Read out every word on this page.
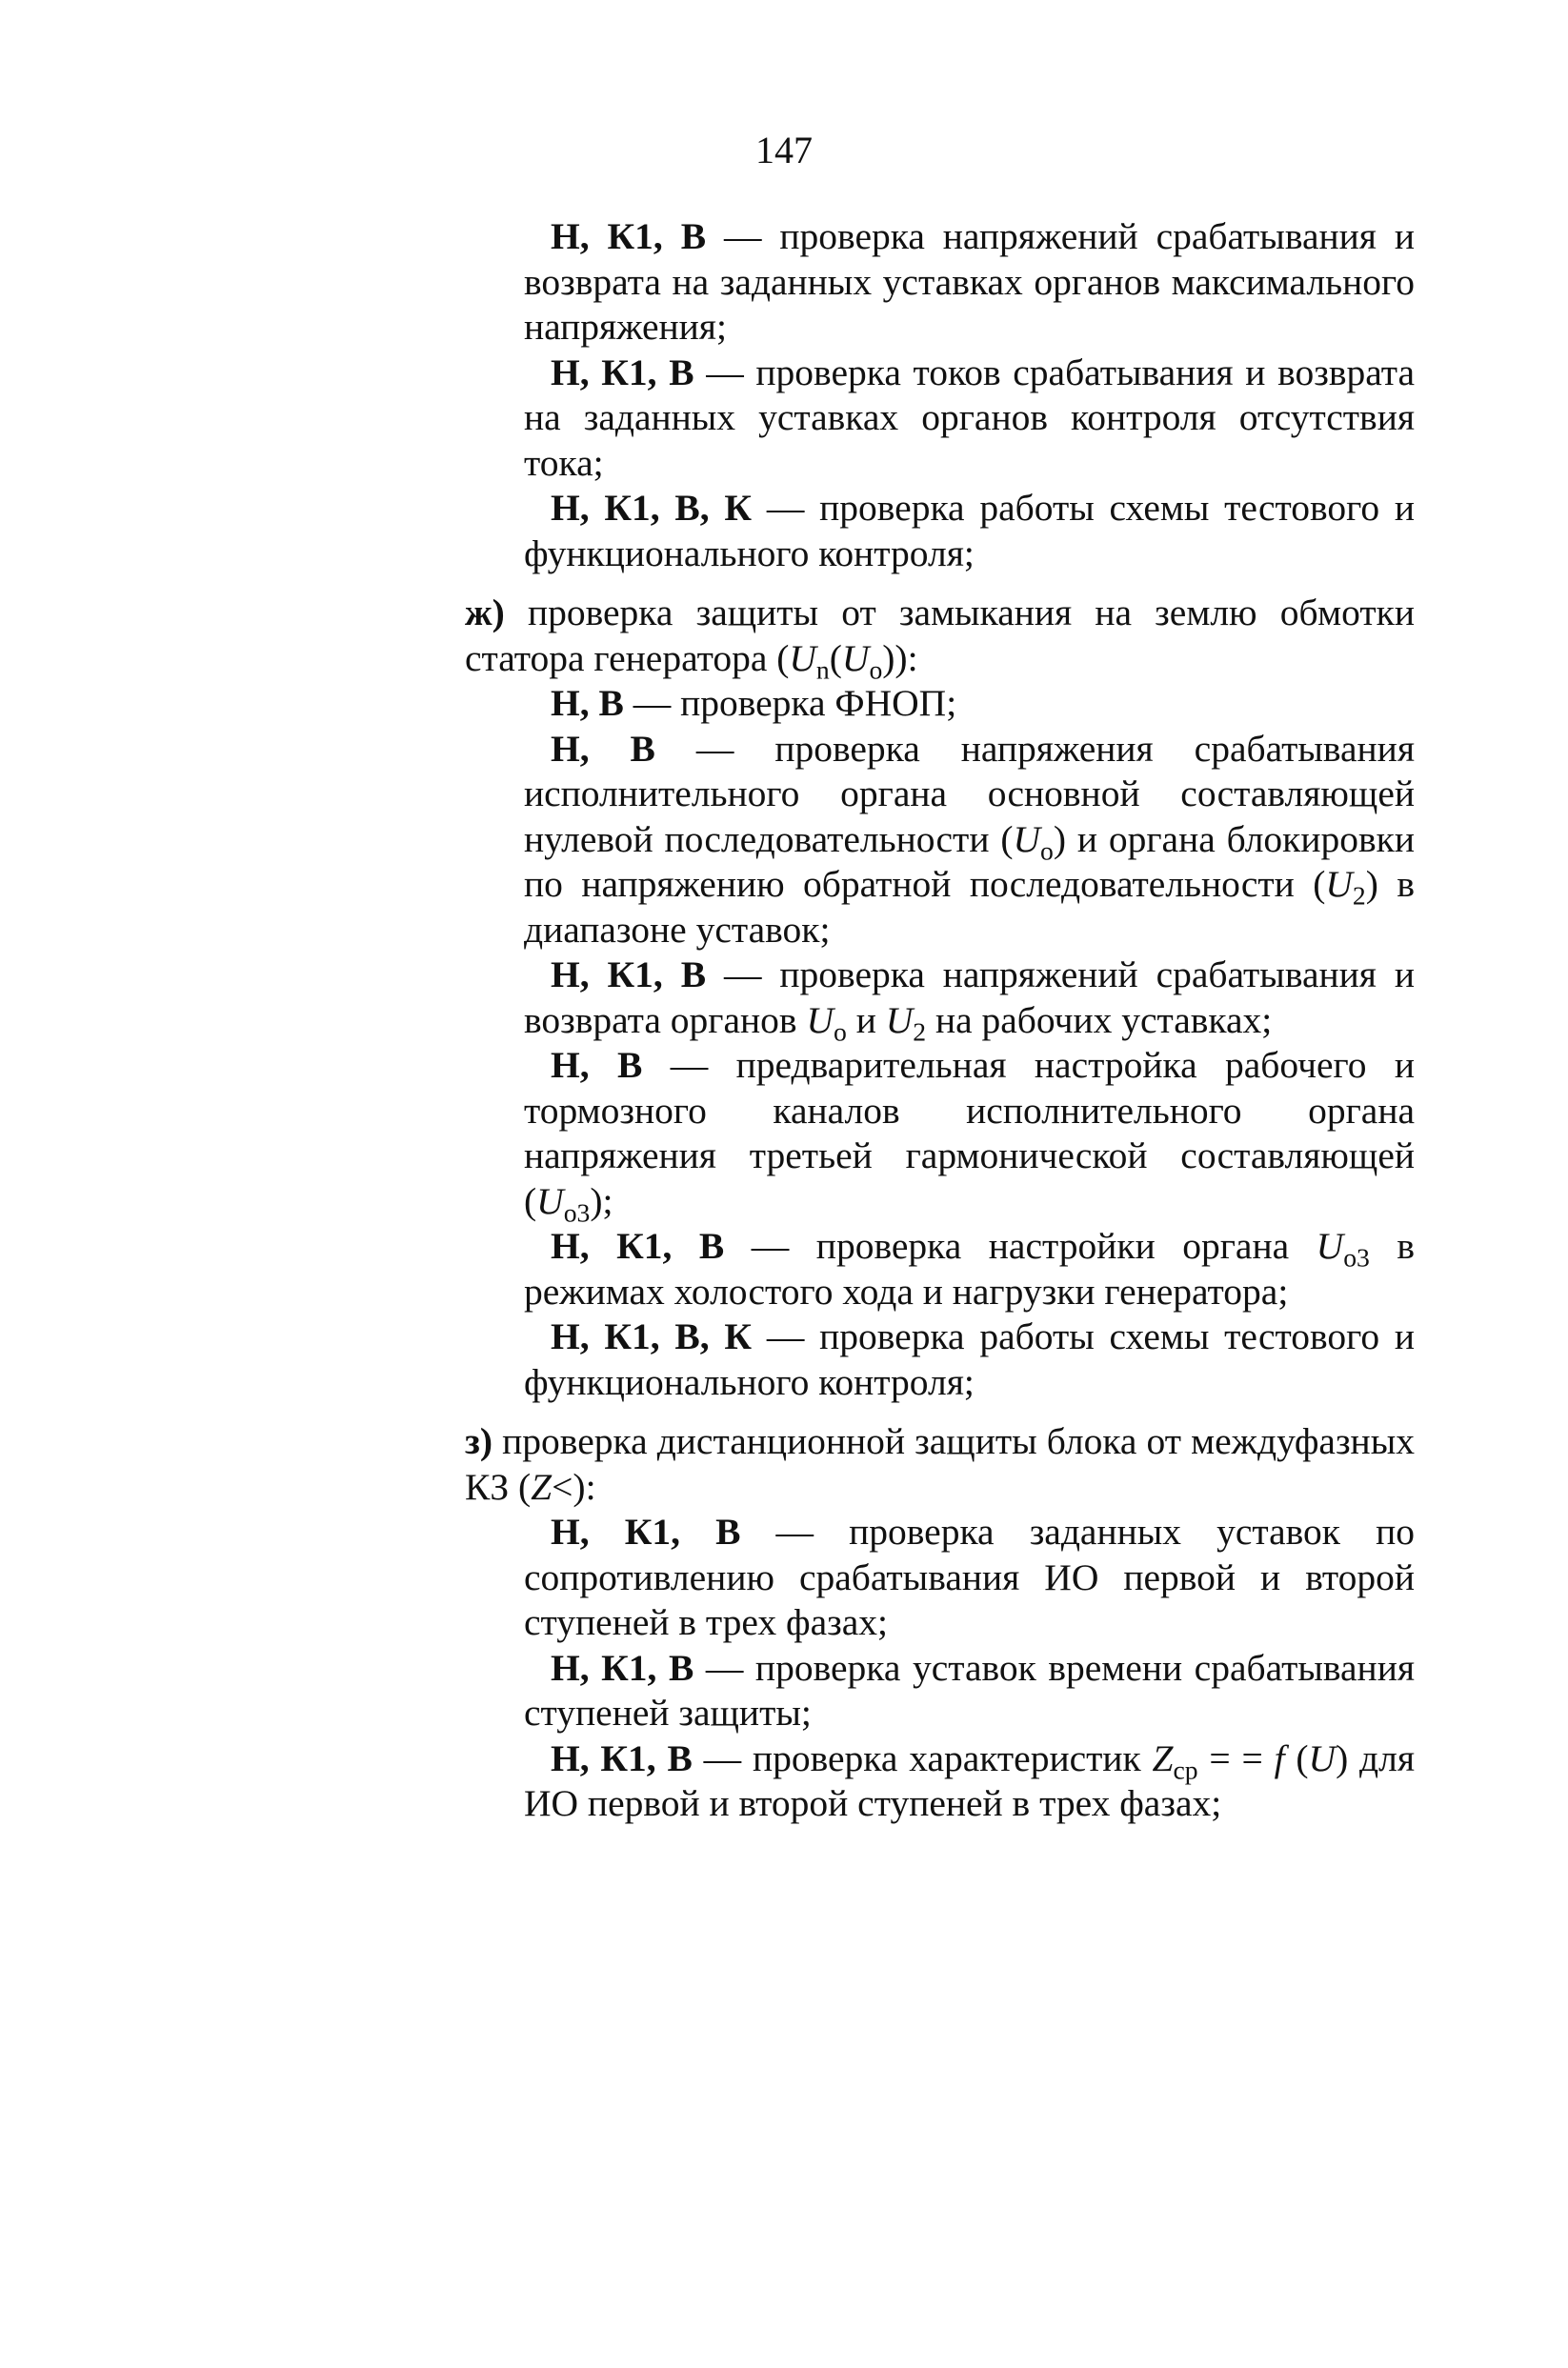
147

Н, К1, В — проверка напряжений срабатывания и возврата на заданных уставках органов максимального напряжения;

Н, К1, В — проверка токов срабатывания и возврата на заданных уставках органов контроля отсутствия тока;

Н, К1, В, К — проверка работы схемы тестового и функционального контроля;

ж) проверка защиты от замыкания на землю обмотки статора генератора $(U_n(U_o))$:

Н, В — проверка ФНОП;

Н, В — проверка напряжения срабатывания исполнительного органа основной составляющей нулевой последовательности $(U_о)$ и органа блокировки по напряжению обратной последовательности $(U_2)$ в диапазоне уставок;

Н, К1, В — проверка напряжений срабатывания и возврата органов $U_о$ и $U_2$ на рабочих уставках;

Н, В — предварительная настройка рабочего и тормозного каналов исполнительного органа напряжения третьей гармонической составляющей $(U_{о3})$;

Н, К1, В — проверка настройки органа $U_{о3}$ в режимах холостого хода и нагрузки генератора;

Н, К1, В, К — проверка работы схемы тестового и функционального контроля;

з) проверка дистанционной защиты блока от междуфазных КЗ (Z<):

Н, К1, В — проверка заданных уставок по сопротивлению срабатывания ИО первой и второй ступеней в трех фазах;

Н, К1, В — проверка уставок времени срабатывания ступеней защиты;

Н, К1, В — проверка характеристик $Z_{ср}$ = = f (U) для ИО первой и второй ступеней в трех фазах;
